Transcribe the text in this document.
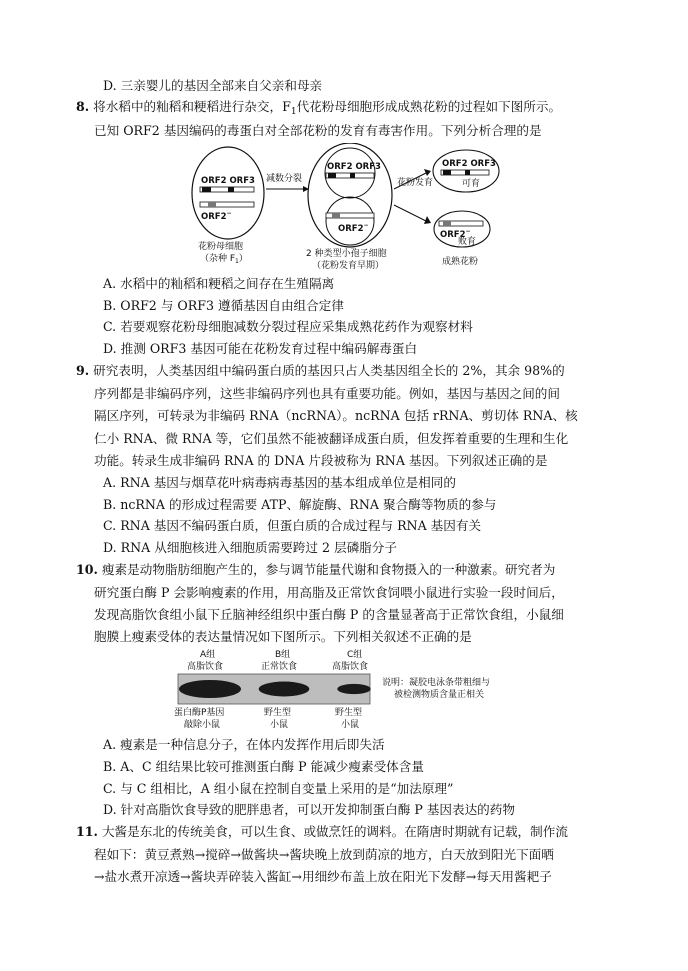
D. 三亲婴儿的基因全部来自父亲和母亲
8. 将水稻中的籼稻和粳稻进行杂交，$F_1$代花粉母细胞形成成熟花粉的过程如下图所示。
已知 ORF2 基因编码的毒蛋白对全部花粉的发育有毒害作用。下列分析合理的是
ORF2 ORF3
ORF2−
花粉母细胞
（杂种 $F_1$）
减数分裂
ORF2 ORF3
ORF2−
2 种类型小孢子细胞
（花粉发育早期）
花粉发育
ORF2 ORF3
可育
ORF2−
败育
成熟花粉
A. 水稻中的籼稻和粳稻之间存在生殖隔离
B. ORF2 与 ORF3 遵循基因自由组合定律
C. 若要观察花粉母细胞减数分裂过程应采集成熟花药作为观察材料
D. 推测 ORF3 基因可能在花粉发育过程中编码解毒蛋白
9. 研究表明，人类基因组中编码蛋白质的基因只占人类基因组全长的 2%，其余 98%的
序列都是非编码序列，这些非编码序列也具有重要功能。例如，基因与基因之间的间
隔区序列，可转录为非编码 RNA（ncRNA）。ncRNA 包括 rRNA、剪切体 RNA、核
仁小 RNA、微 RNA 等，它们虽然不能被翻译成蛋白质，但发挥着重要的生理和生化
功能。转录生成非编码 RNA 的 DNA 片段被称为 RNA 基因。下列叙述正确的是
A. RNA 基因与烟草花叶病毒病毒基因的基本组成单位是相同的
B. ncRNA 的形成过程需要 ATP、解旋酶、RNA 聚合酶等物质的参与
C. RNA 基因不编码蛋白质，但蛋白质的合成过程与 RNA 基因有关
D. RNA 从细胞核进入细胞质需要跨过 2 层磷脂分子
10. 瘦素是动物脂肪细胞产生的，参与调节能量代谢和食物摄入的一种激素。研究者为
研究蛋白酶 P 会影响瘦素的作用，用高脂及正常饮食饲喂小鼠进行实验一段时间后，
发现高脂饮食组小鼠下丘脑神经组织中蛋白酶 P 的含量显著高于正常饮食组，小鼠细
胞膜上瘦素受体的表达量情况如下图所示。下列相关叙述不正确的是
A组
高脂饮食
B组
正常饮食
C组
高脂饮食
说明：凝胶电泳条带粗细与
被检测物质含量正相关
蛋白酶P基因
敲除小鼠
野生型
小鼠
野生型
小鼠
A. 瘦素是一种信息分子，在体内发挥作用后即失活
B. A、C 组结果比较可推测蛋白酶 P 能减少瘦素受体含量
C. 与 C 组相比，A 组小鼠在控制自变量上采用的是“加法原理”
D. 针对高脂饮食导致的肥胖患者，可以开发抑制蛋白酶 P 基因表达的药物
11. 大酱是东北的传统美食，可以生食、或做烹饪的调料。在隋唐时期就有记载，制作流
程如下：黄豆煮熟→搅碎→做酱块→酱块晚上放到荫凉的地方，白天放到阳光下面晒
→盐水煮开凉透→酱块弄碎装入酱缸→用细纱布盖上放在阳光下发酵→每天用酱耙子
